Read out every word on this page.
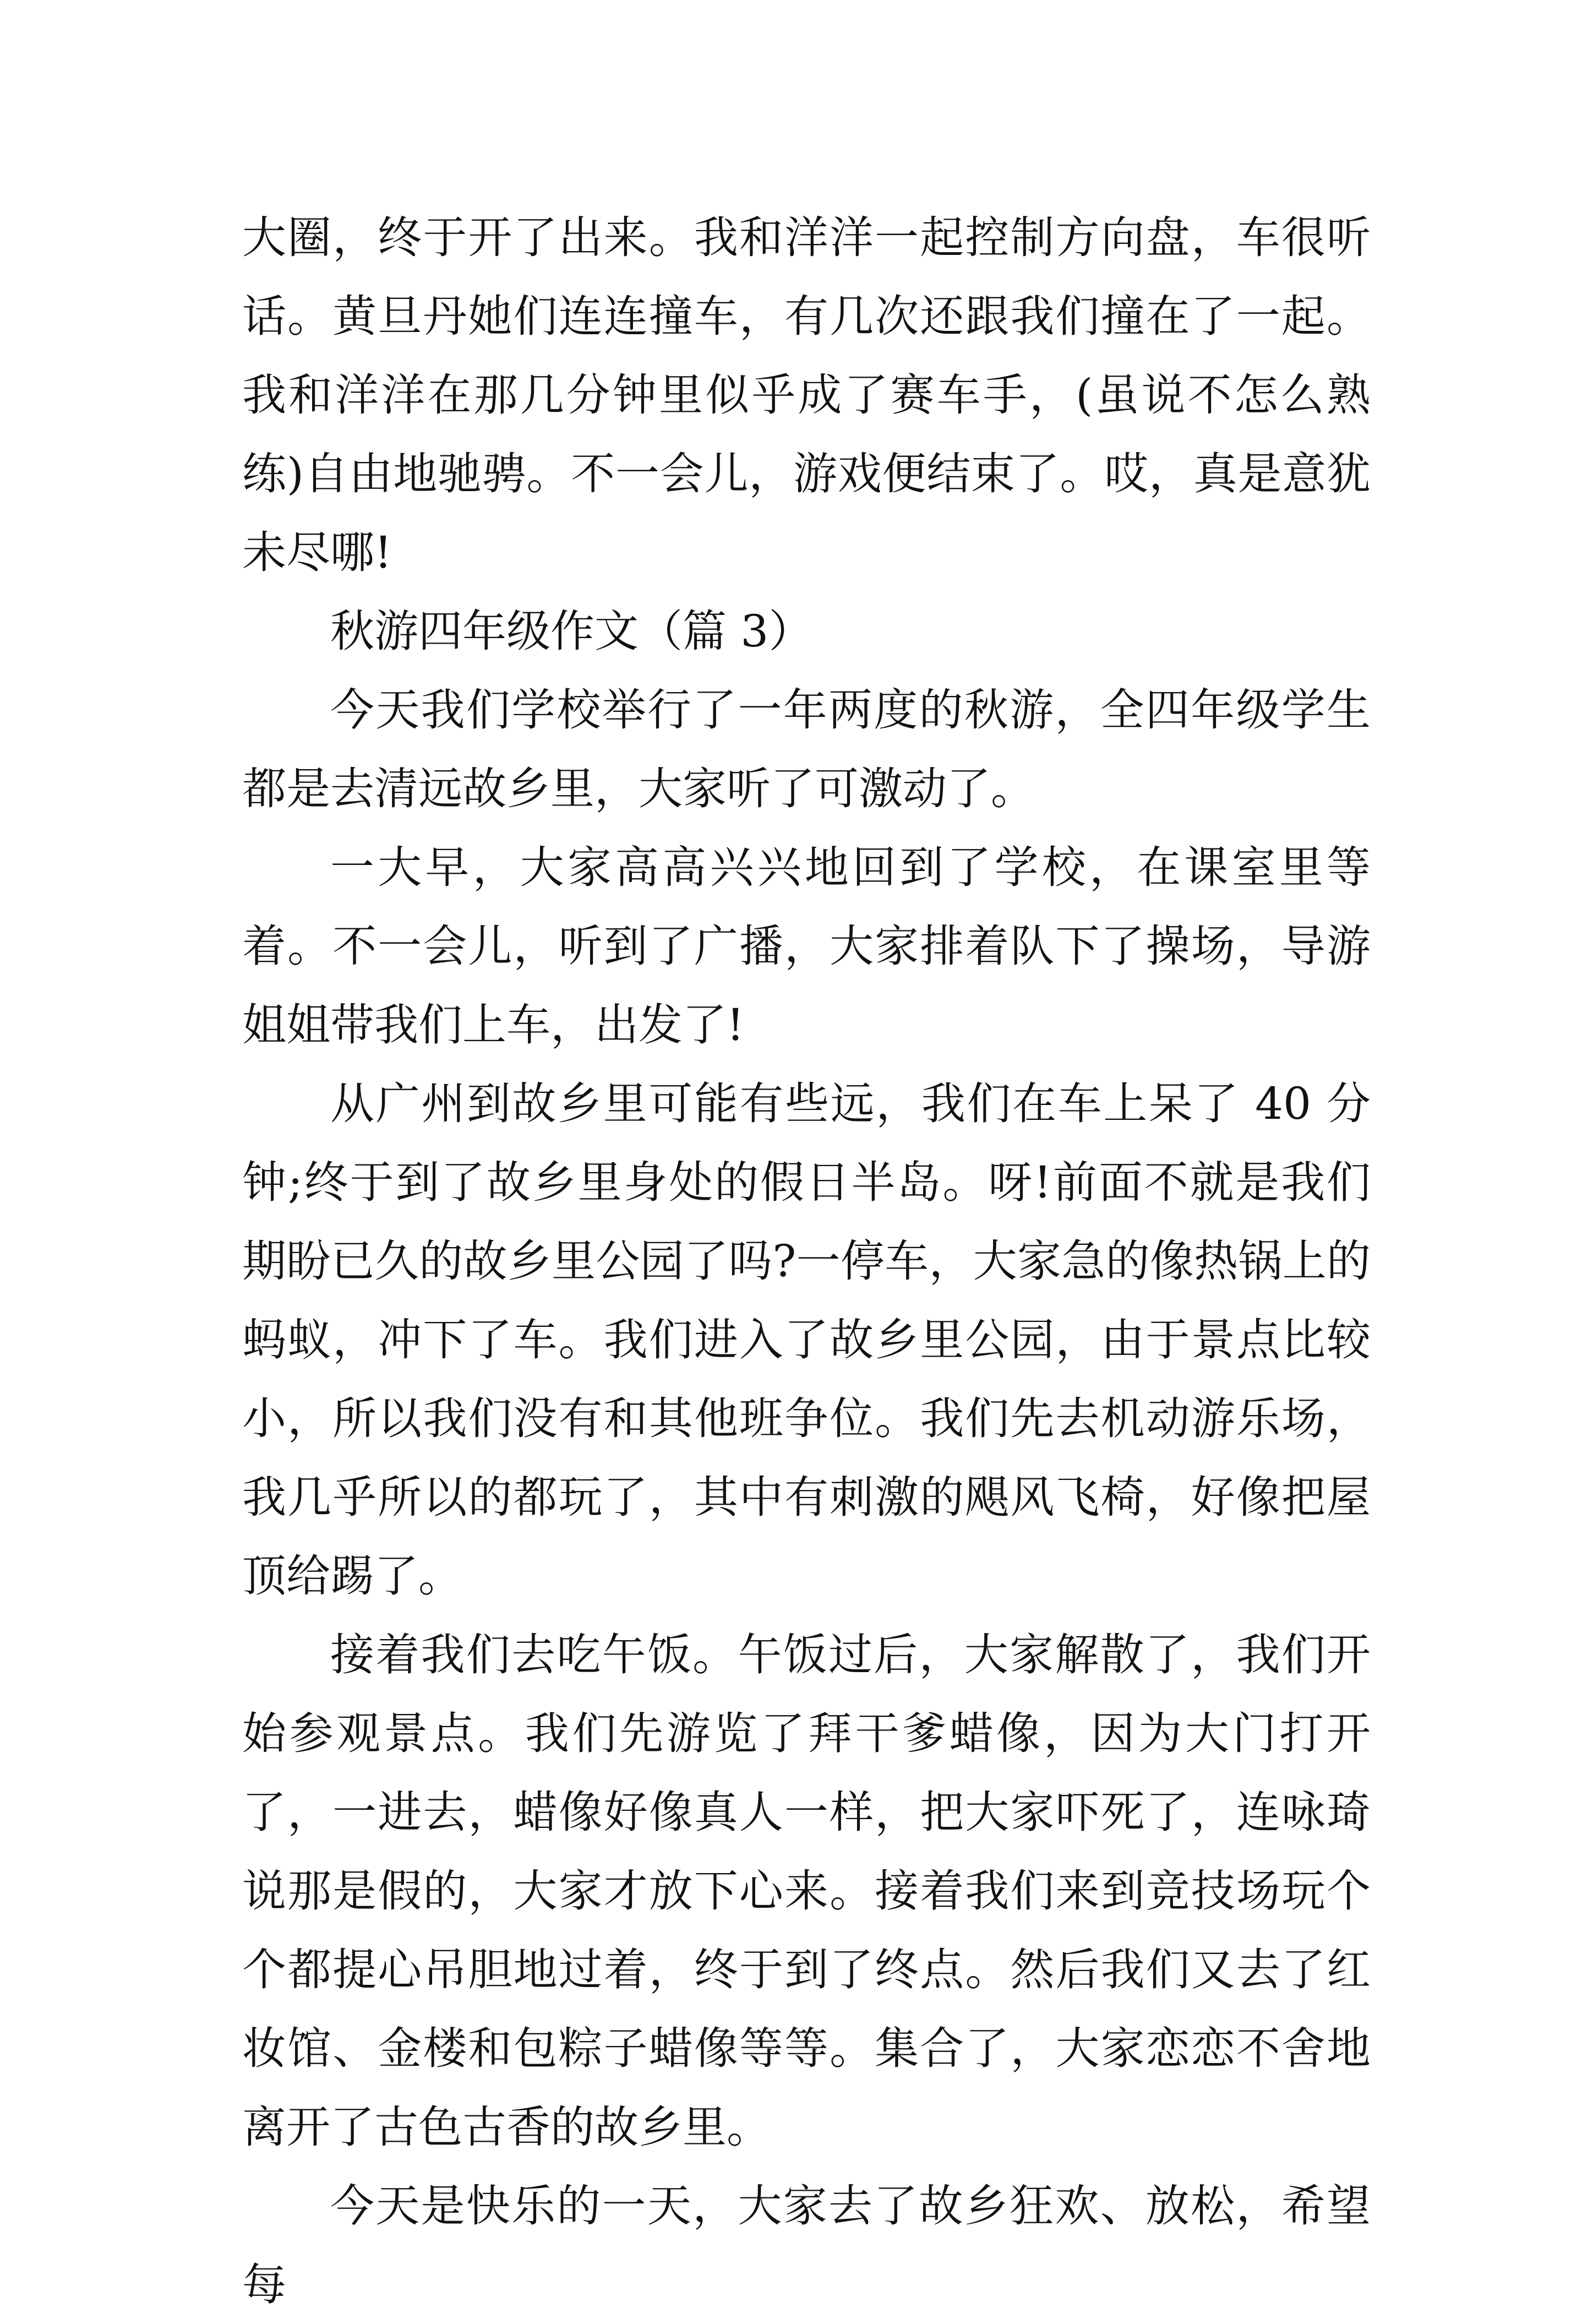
大圈，终于开了出来。我和洋洋一起控制方向盘，车很听话。黄旦丹她们连连撞车，有几次还跟我们撞在了一起。我和洋洋在那几分钟里似乎成了赛车手，(虽说不怎么熟练)自由地驰骋。不一会儿，游戏便结束了。哎，真是意犹未尽哪!

秋游四年级作文（篇 3）

今天我们学校举行了一年两度的秋游，全四年级学生都是去清远故乡里，大家听了可激动了。

一大早，大家高高兴兴地回到了学校，在课室里等着。不一会儿，听到了广播，大家排着队下了操场，导游姐姐带我们上车，出发了!

从广州到故乡里可能有些远，我们在车上呆了 40 分钟;终于到了故乡里身处的假日半岛。呀!前面不就是我们期盼已久的故乡里公园了吗?一停车，大家急的像热锅上的蚂蚁，冲下了车。我们进入了故乡里公园，由于景点比较小，所以我们没有和其他班争位。我们先去机动游乐场，我几乎所以的都玩了，其中有刺激的飓风飞椅，好像把屋顶给踢了。

接着我们去吃午饭。午饭过后，大家解散了，我们开始参观景点。我们先游览了拜干爹蜡像，因为大门打开了，一进去，蜡像好像真人一样，把大家吓死了，连咏琦说那是假的，大家才放下心来。接着我们来到竞技场玩个个都提心吊胆地过着，终于到了终点。然后我们又去了红妆馆、金楼和包粽子蜡像等等。集合了，大家恋恋不舍地离开了古色古香的故乡里。

今天是快乐的一天，大家去了故乡狂欢、放松，希望每
